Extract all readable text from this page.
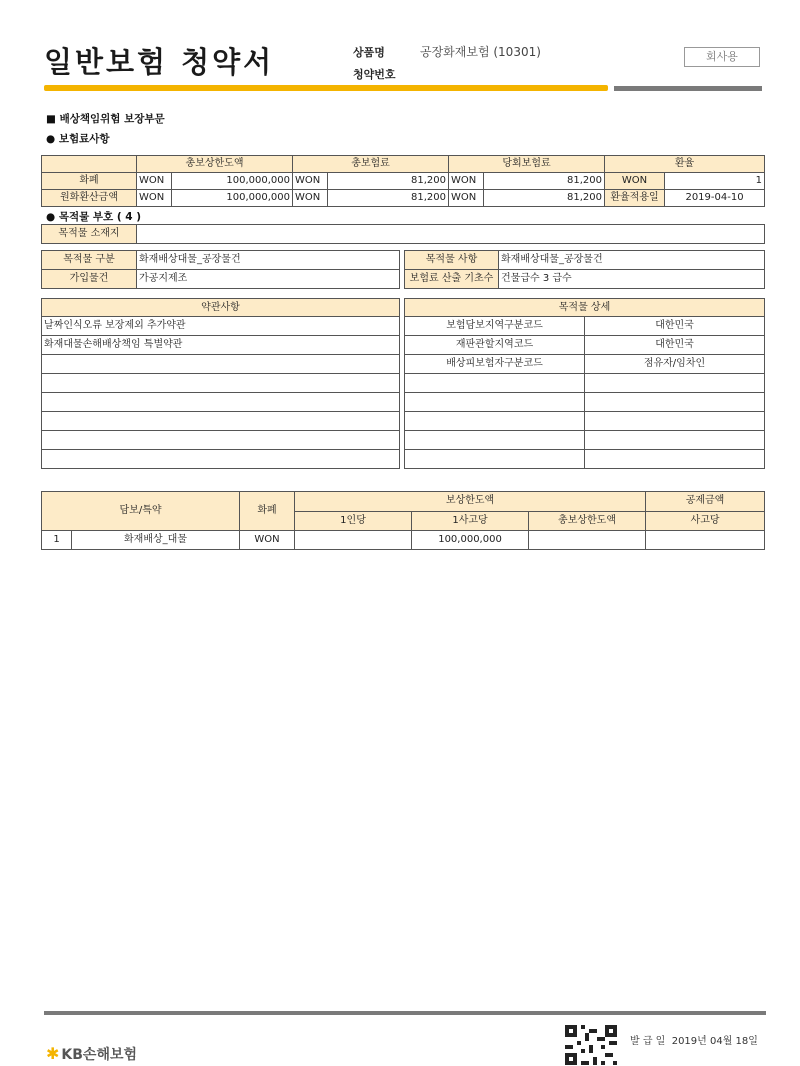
일반보험 청약서	상품명	공장화재보험 (10301)
청약번호
회사용
■ 배상책임위험 보장부문
● 보험료사항
	총보상한도액		총보험료		당회보험료		환율	
화폐	WON	100,000,000	WON	81,200	WON	81,200	WON	1
원화환산금액	WON	100,000,000	WON	81,200	WON	81,200	환율적용일	2019-04-10
● 목적물 부호 ( 4 )
목적물 소재지	
목적물 구분	화재배상대물_공장물건
가입물건	가공지제조
목적물 사항	화재배상대물_공장물건
보험료 산출 기초수	건물급수 3 급수
약관사항
날짜인식오류 보장제외 추가약관
화재대물손해배상책임 특별약관

목적물 상세	
보험담보지역구분코드	대한민국
재판관할지역코드	대한민국
배상피보험자구분코드	점유자/임차인

담보/특약		화폐	보상한도액			공제금액
			1인당	1사고당	총보상한도액	사고당
1	화재배상_대물	WON		100,000,000		
✱ KB손해보험
발 급 일 2019년 04월 18일
